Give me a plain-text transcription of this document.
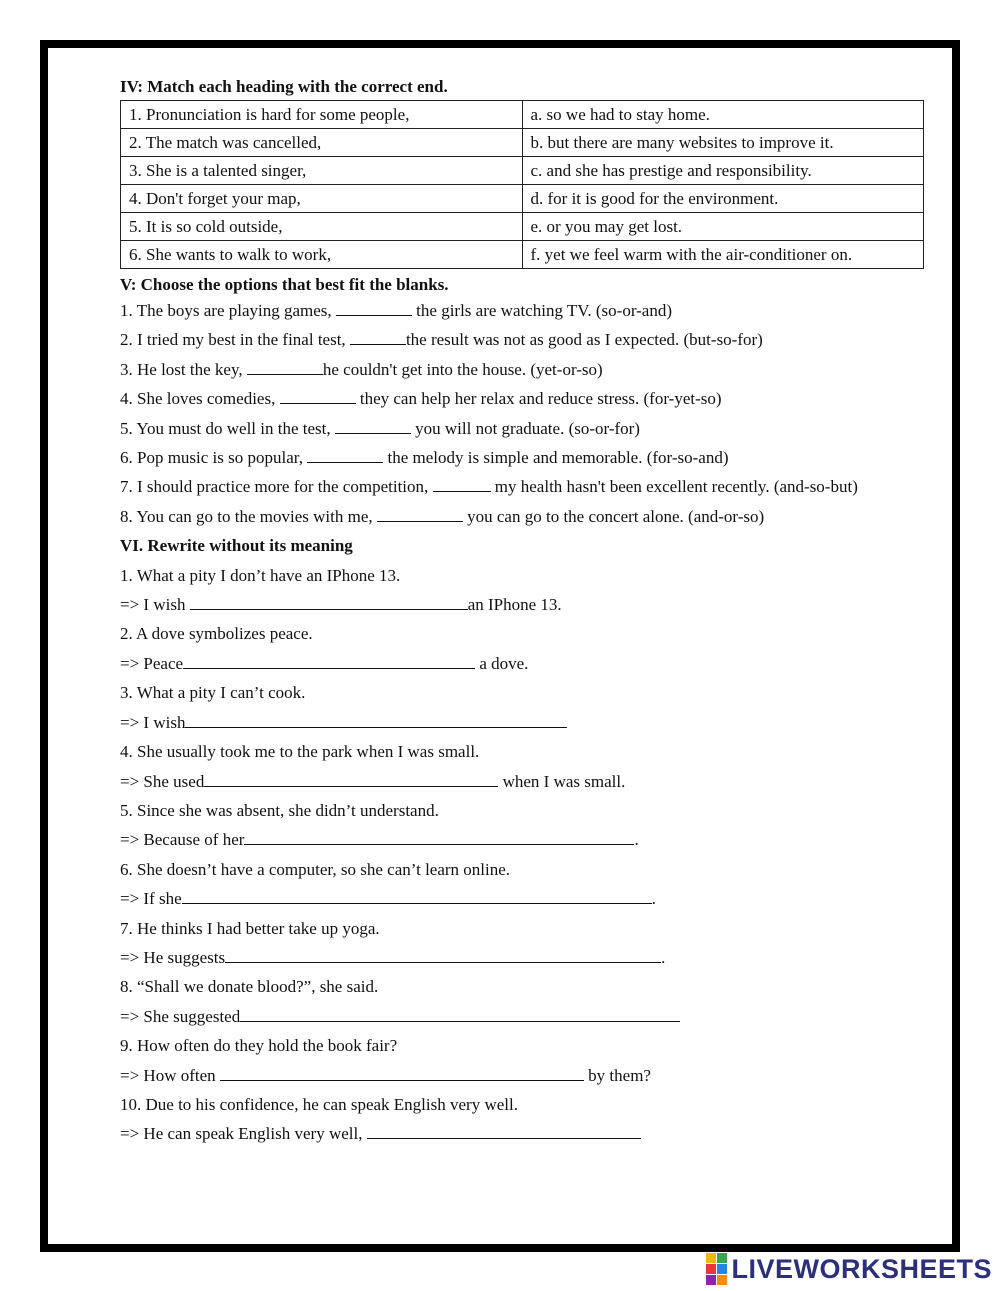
IV: Match each heading with the correct end.
1. Pronunciation is hard for some people,	a. so we had to stay home.
2. The match was cancelled,	b. but there are many websites to improve it.
3. She is a talented singer,	c. and she has prestige and responsibility.
4. Don't forget your map,	d. for it is good for the environment.
5. It is so cold outside,	e. or you may get lost.
6. She wants to walk to work,	f. yet we feel warm with the air-conditioner on.
V: Choose the options that best fit the blanks.
1. The boys are playing games,	the girls are watching TV. (so-or-and)
2. I tried my best in the final test,	the result was not as good as I expected. (but-so-for)
3. He lost the key,	he couldn't get into the house. (yet-or-so)
4. She loves comedies,	they can help her relax and reduce stress. (for-yet-so)
5. You must do well in the test,	you will not graduate. (so-or-for)
6. Pop music is so popular,	the melody is simple and memorable. (for-so-and)
7. I should practice more for the competition,	my health hasn't been excellent recently. (and-so-but)
8. You can go to the movies with me,	you can go to the concert alone. (and-or-so)
VI. Rewrite without its meaning
1. What a pity I don’t have an IPhone 13.
=> I wish	an IPhone 13.
2. A dove symbolizes peace.
=> Peace	a dove.
3. What a pity I can’t cook.
=> I wish
4. She usually took me to the park when I was small.
=> She used	when I was small.
5. Since she was absent, she didn’t understand.
=> Because of her	.
6. She doesn’t have a computer, so she can’t learn online.
=> If she	.
7. He thinks I had better take up yoga.
=> He suggests	.
8. “Shall we donate blood?”, she said.
=> She suggested
9. How often do they hold the book fair?
=> How often	by them?
10. Due to his confidence, he can speak English very well.
=> He can speak English very well,
LIVEWORKSHEETS
